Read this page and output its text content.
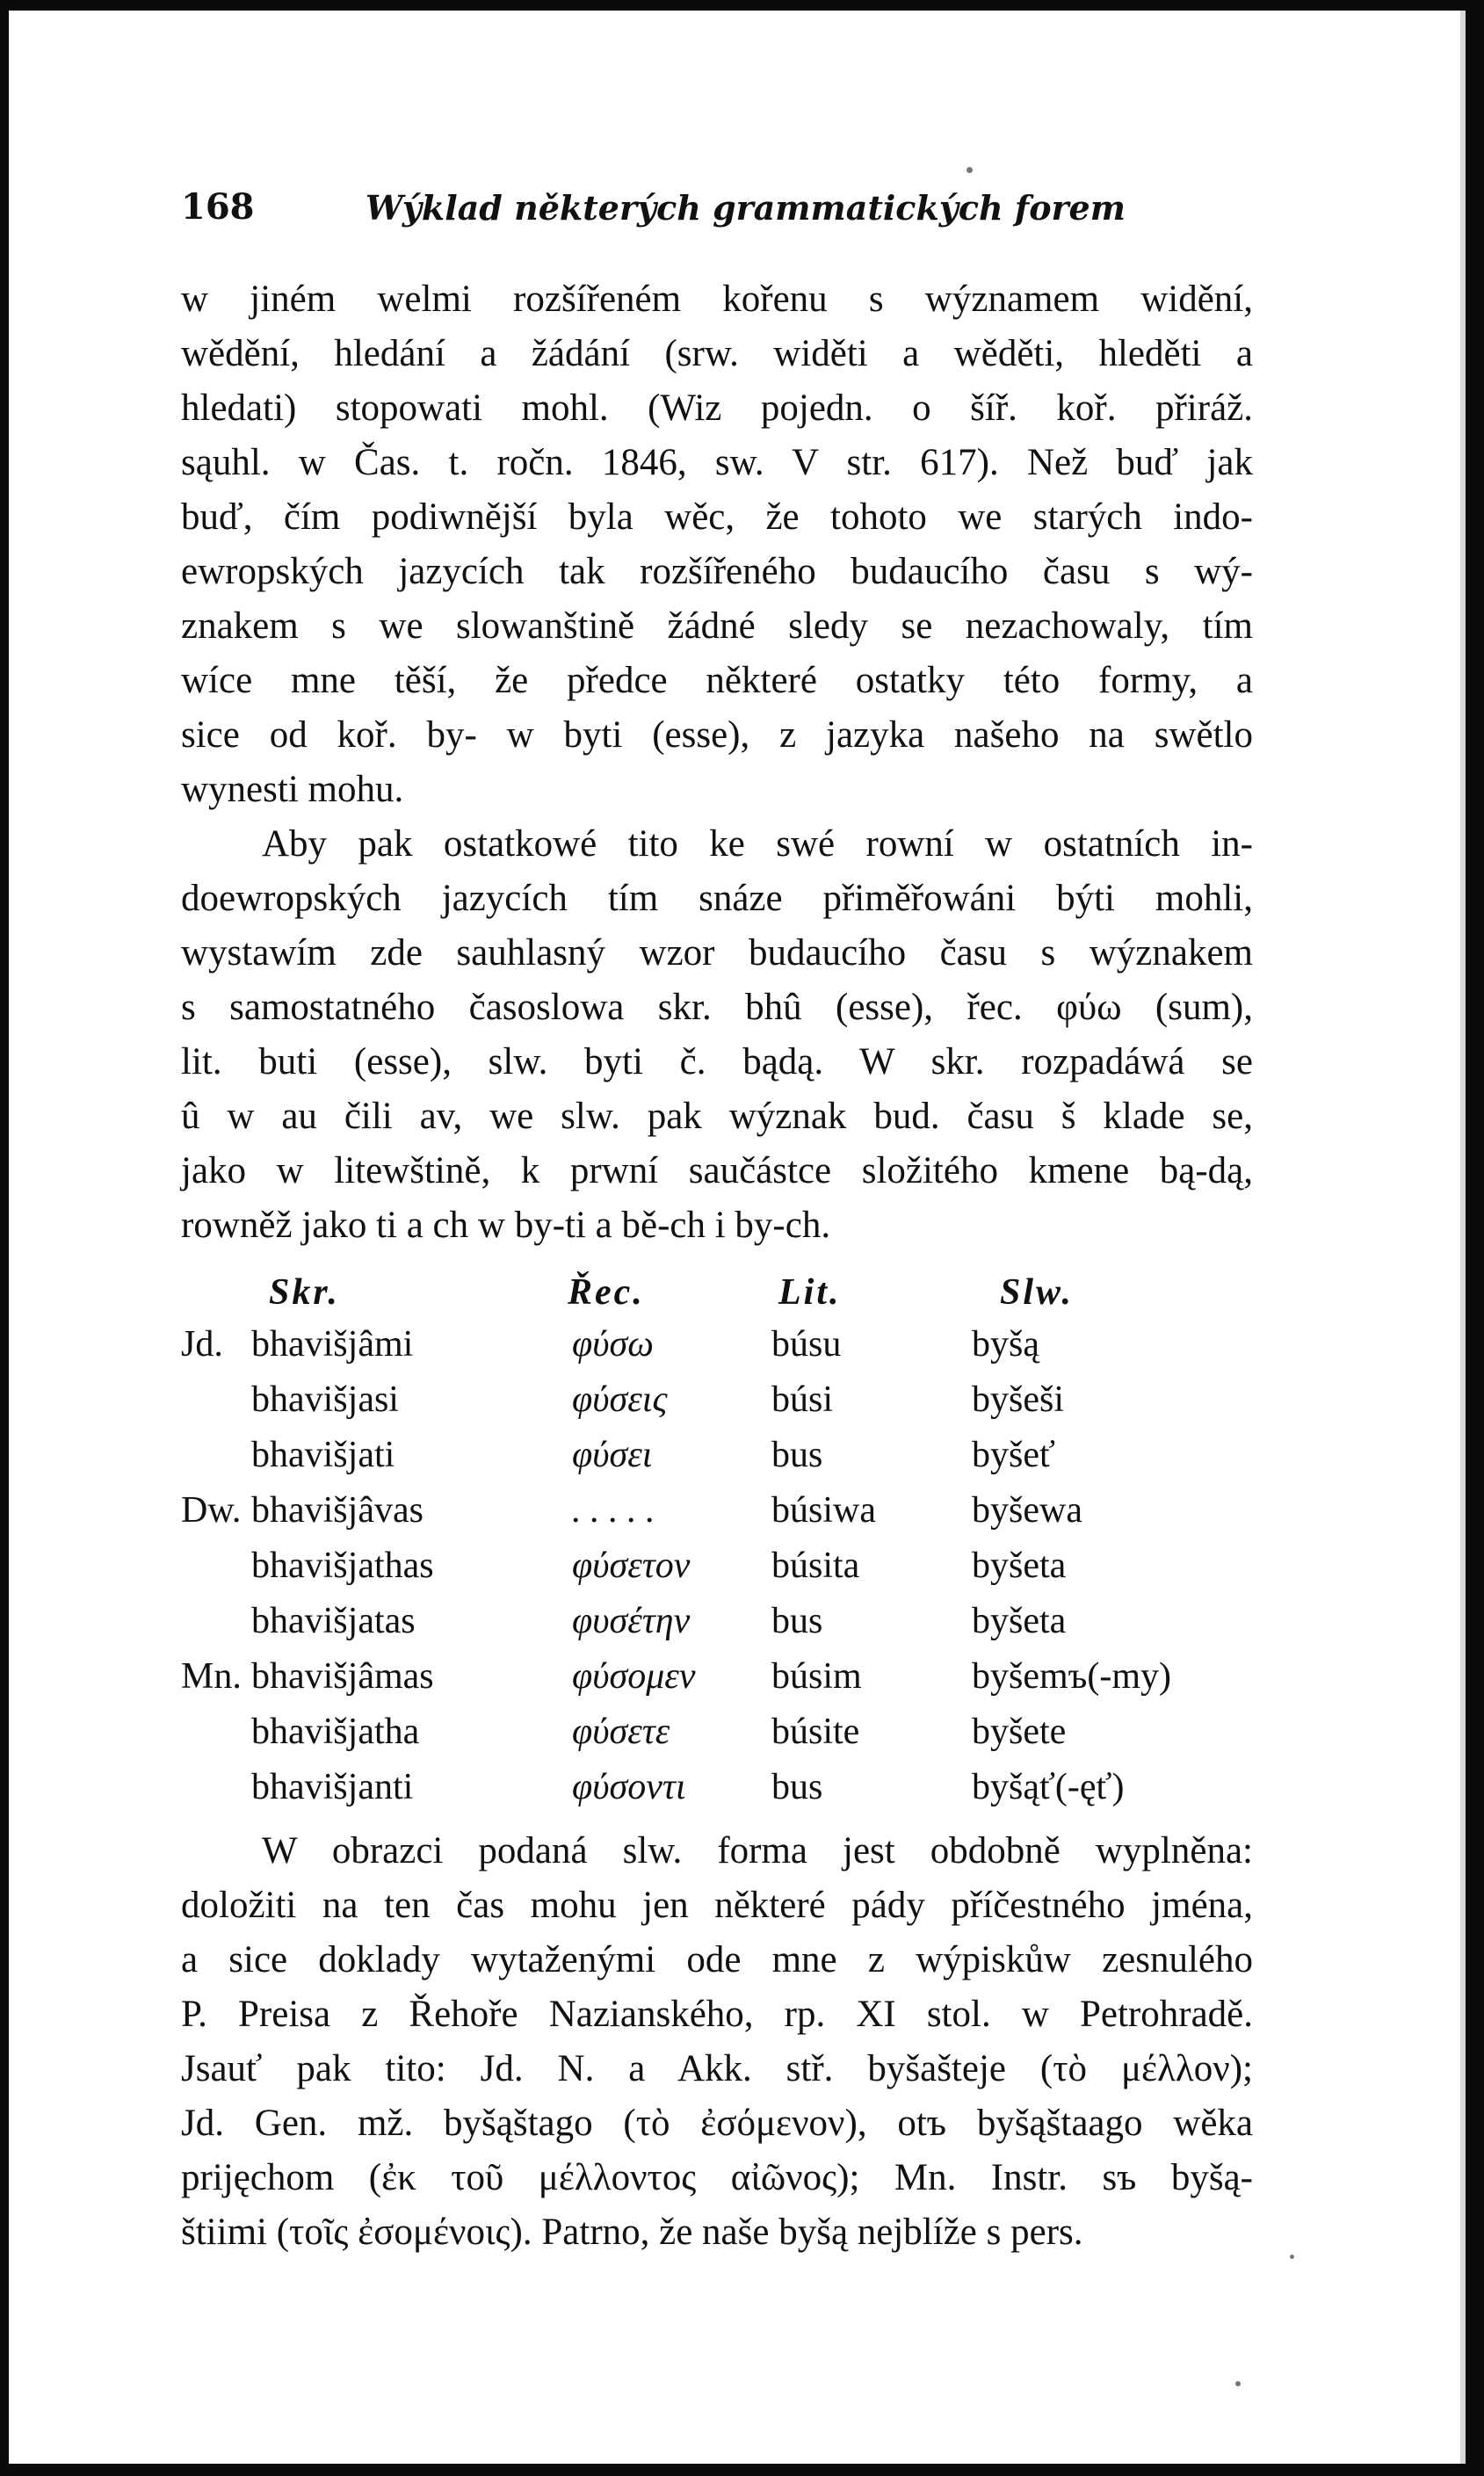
168	Wýklad některých grammatických forem
w jiném welmi rozšířeném kořenu s wýznamem widění,
wědění, hledání a žádání (srw. widěti a wěděti, hleděti a
hledati) stopowati mohl. (Wiz pojedn. o šíř. koř. přiráž.
sąuhl. w Čas. t. ročn. 1846, sw. V str. 617). Než buď jak
buď, čím podiwnější byla wěc, že tohoto we starých indo-
ewropských jazycích tak rozšířeného budaucího času s wý-
znakem s we slowanštině žádné sledy se nezachowaly, tím
wíce mne těší, že předce některé ostatky této formy, a
sice od koř. by- w byti (esse), z jazyka našeho na swětlo
wynesti mohu.
Aby pak ostatkowé tito ke swé rowní w ostatních in-
doewropských jazycích tím snáze přiměřowáni býti mohli,
wystawím zde sauhlasný wzor budaucího času s wýznakem
s samostatného časoslowa skr. bhû (esse), řec. φύω (sum),
lit. buti (esse), slw. byti č. bądą. W skr. rozpadáwá se
û w au čili av, we slw. pak wýznak bud. času š klade se,
jako w litewštině, k prwní saučástce složitého kmene bą-dą,
rowněž jako ti a ch w by-ti a bě-ch i by-ch.
Skr.	Řec.	Lit.	Slw.
Jd. bhavišjâmi	φύσω	búsu	byšą
bhavišjasi	φύσεις	búsi	byšeši
bhavišjati	φύσει	bus	byšeť
Dw. bhavišjâvas	. . . . .	búsiwa	byšewa
bhavišjathas	φύσετον búsita	byšeta
bhavišjatas	φυσέτην bus	byšeta
Mn. bhavišjâmas	φύσομεν búsim	byšemъ(-my)
bhavišjatha	φύσετε	búsite	byšete
bhavišjanti	φύσοντι bus	byšąť(-ęť)
W obrazci podaná slw. forma jest obdobně wyplněna:
doložiti na ten čas mohu jen některé pády příčestného jména,
a sice doklady wytaženými ode mne z wýpiskůw zesnulého
P. Preisa z Řehoře Nazianského, rp. XI stol. w Petrohradě.
Jsauť pak tito: Jd. N. a Akk. stř. byšašteje (τὸ μέλλον);
Jd. Gen. mž. byšąštago (τὸ ἐσόμενον), otъ byšąštaago wěka
prijęchom (ἐκ τοῦ μέλλοντος αἰῶνος); Mn. Instr. sъ byšą-
štiimi (τοῖς ἐσομένοις). Patrno, že naše byšą nejblíže s pers.
